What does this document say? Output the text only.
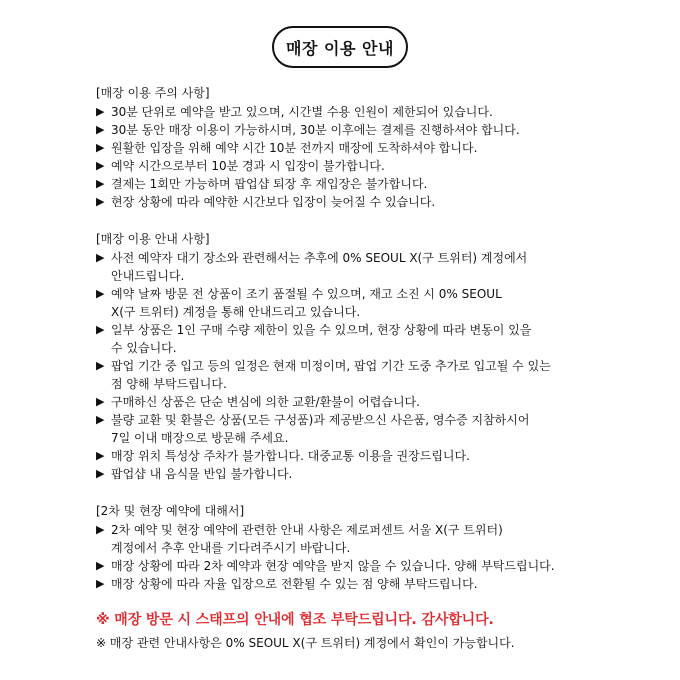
매장 이용 안내
[매장 이용 주의 사항]
▶ 30분 단위로 예약을 받고 있으며, 시간별 수용 인원이 제한되어 있습니다.
▶ 30분 동안 매장 이용이 가능하시며, 30분 이후에는 결제를 진행하셔야 합니다.
▶ 원활한 입장을 위해 예약 시간 10분 전까지 매장에 도착하셔야 합니다.
▶ 예약 시간으로부터 10분 경과 시 입장이 불가합니다.
▶ 결제는 1회만 가능하며 팝업샵 퇴장 후 재입장은 불가합니다.
▶ 현장 상황에 따라 예약한 시간보다 입장이 늦어질 수 있습니다.
[매장 이용 안내 사항]
▶ 사전 예약자 대기 장소와 관련해서는 추후에 0% SEOUL X(구 트위터) 계정에서
안내드립니다.
▶ 예약 날짜 방문 전 상품이 조기 품절될 수 있으며, 재고 소진 시 0% SEOUL
X(구 트위터) 계정을 통해 안내드리고 있습니다.
▶ 일부 상품은 1인 구매 수량 제한이 있을 수 있으며, 현장 상황에 따라 변동이 있을
수 있습니다.
▶ 팝업 기간 중 입고 등의 일정은 현재 미정이며, 팝업 기간 도중 추가로 입고될 수 있는
점 양해 부탁드립니다.
▶ 구매하신 상품은 단순 변심에 의한 교환/환불이 어렵습니다.
▶ 불량 교환 및 환불은 상품(모든 구성품)과 제공받으신 사은품, 영수증 지참하시어
7일 이내 매장으로 방문해 주세요.
▶ 매장 위치 특성상 주차가 불가합니다. 대중교통 이용을 권장드립니다.
▶ 팝업샵 내 음식물 반입 불가합니다.
[2차 및 현장 예약에 대해서]
▶ 2차 예약 및 현장 예약에 관련한 안내 사항은 제로퍼센트 서울 X(구 트위터)
계정에서 추후 안내를 기다려주시기 바랍니다.
▶ 매장 상황에 따라 2차 예약과 현장 예약을 받지 않을 수 있습니다. 양해 부탁드립니다.
▶ 매장 상황에 따라 자율 입장으로 전환될 수 있는 점 양해 부탁드립니다.
※ 매장 방문 시 스태프의 안내에 협조 부탁드립니다. 감사합니다.
※ 매장 관련 안내사항은 0% SEOUL X(구 트위터) 계정에서 확인이 가능합니다.
